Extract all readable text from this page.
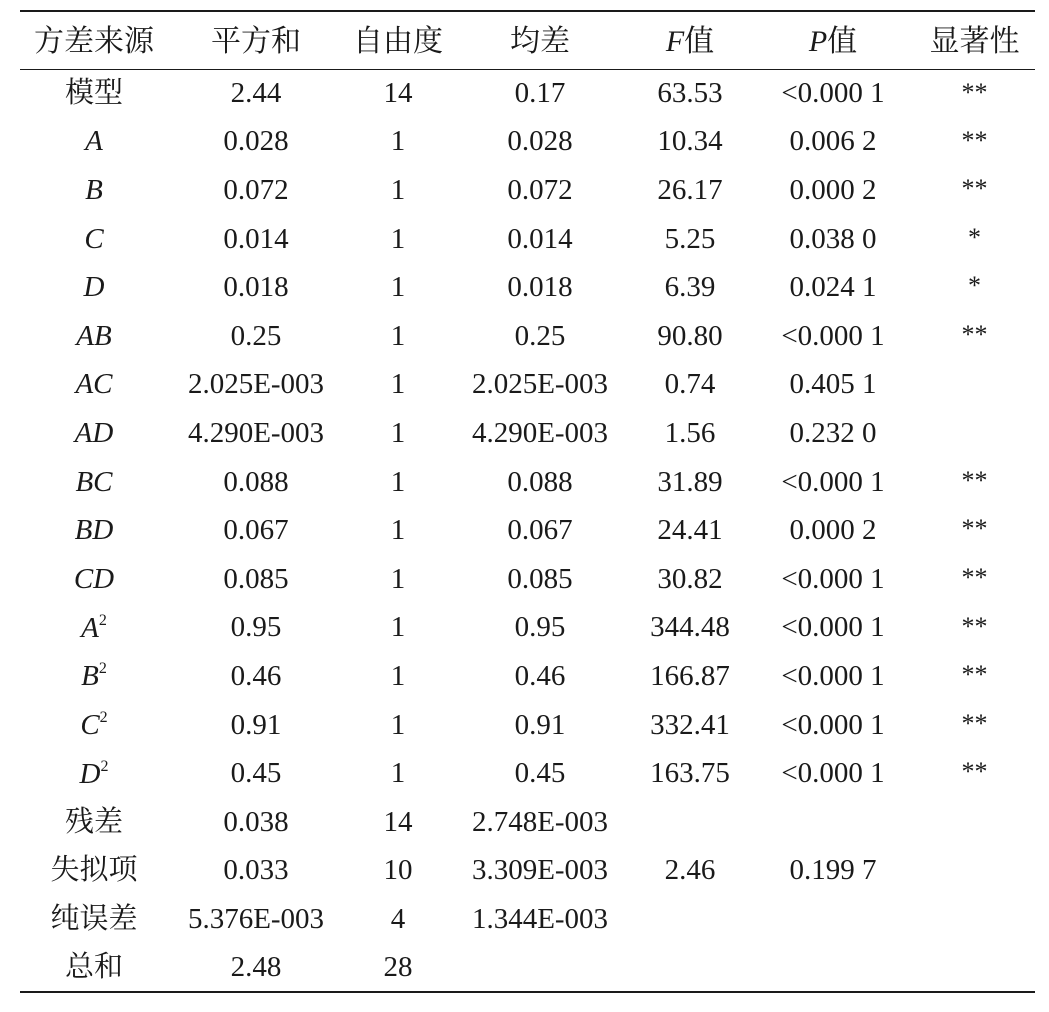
方差来源	平方和	自由度	均差	F值	P值	显著性
模型	2.44	14	0.17	63.53	<0.000 1	**
A	0.028	1	0.028	10.34	0.006 2	**
B	0.072	1	0.072	26.17	0.000 2	**
C	0.014	1	0.014	5.25	0.038 0	*
D	0.018	1	0.018	6.39	0.024 1	*
AB	0.25	1	0.25	90.80	<0.000 1	**
AC	2.025E-003	1	2.025E-003	0.74	0.405 1	
AD	4.290E-003	1	4.290E-003	1.56	0.232 0	
BC	0.088	1	0.088	31.89	<0.000 1	**
BD	0.067	1	0.067	24.41	0.000 2	**
CD	0.085	1	0.085	30.82	<0.000 1	**
$A^2$	0.95	1	0.95	344.48	<0.000 1	**
$B^2$	0.46	1	0.46	166.87	<0.000 1	**
$C^2$	0.91	1	0.91	332.41	<0.000 1	**
$D^2$	0.45	1	0.45	163.75	<0.000 1	**
残差	0.038	14	2.748E-003			
失拟项	0.033	10	3.309E-003	2.46	0.199 7	
纯误差	5.376E-003	4	1.344E-003			
总和	2.48	28				
